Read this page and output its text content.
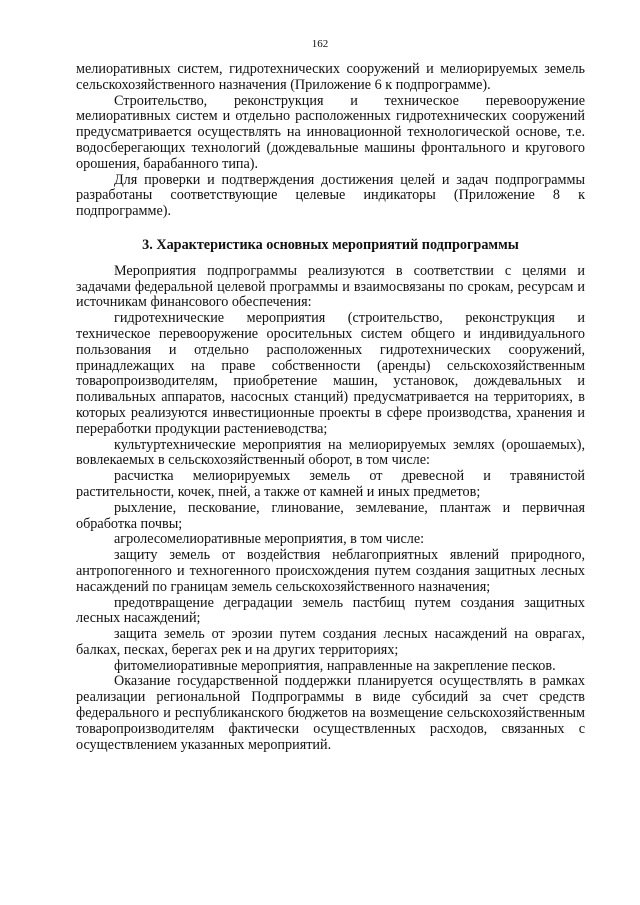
162

мелиоративных систем, гидротехнических сооружений и мелиорируемых земель сельскохозяйственного назначения (Приложение 6 к подпрограмме).

Строительство, реконструкция и техническое перевооружение мелиоративных систем и отдельно расположенных гидротехнических сооружений предусматривается осуществлять на инновационной технологической основе, т.е. водосберегающих технологий (дождевальные машины фронтального и кругового орошения, барабанного типа).

Для проверки и подтверждения достижения целей и задач подпрограммы разработаны соответствующие целевые индикаторы (Приложение 8 к подпрограмме).

3. Характеристика основных мероприятий подпрограммы

Мероприятия подпрограммы реализуются в соответствии с целями и задачами федеральной целевой программы и взаимосвязаны по срокам, ресурсам и источникам финансового обеспечения:

гидротехнические мероприятия (строительство, реконструкция и техническое перевооружение оросительных систем общего и индивидуального пользования и отдельно расположенных гидротехнических сооружений, принадлежащих на праве собственности (аренды) сельскохозяйственным товаропроизводителям, приобретение машин, установок, дождевальных и поливальных аппаратов, насосных станций) предусматривается на территориях, в которых реализуются инвестиционные проекты в сфере производства, хранения и переработки продукции растениеводства;

культуртехнические мероприятия на мелиорируемых землях (орошаемых), вовлекаемых в сельскохозяйственный оборот, в том числе:

расчистка мелиорируемых земель от древесной и травянистой растительности, кочек, пней, а также от камней и иных предметов;

рыхление, пескование, глинование, землевание, плантаж и первичная обработка почвы;

агролесомелиоративные мероприятия, в том числе:

защиту земель от воздействия неблагоприятных явлений природного, антропогенного и техногенного происхождения путем создания защитных лесных насаждений по границам земель сельскохозяйственного назначения;

предотвращение деградации земель пастбищ путем создания защитных лесных насаждений;

защита земель от эрозии путем создания лесных насаждений на оврагах, балках, песках, берегах рек и на других территориях;

фитомелиоративные мероприятия, направленные на закрепление песков.

Оказание государственной поддержки планируется осуществлять в рамках реализации региональной Подпрограммы в виде субсидий за счет средств федерального и республиканского бюджетов на возмещение сельскохозяйственным товаропроизводителям фактически осуществленных расходов, связанных с осуществлением указанных мероприятий.
